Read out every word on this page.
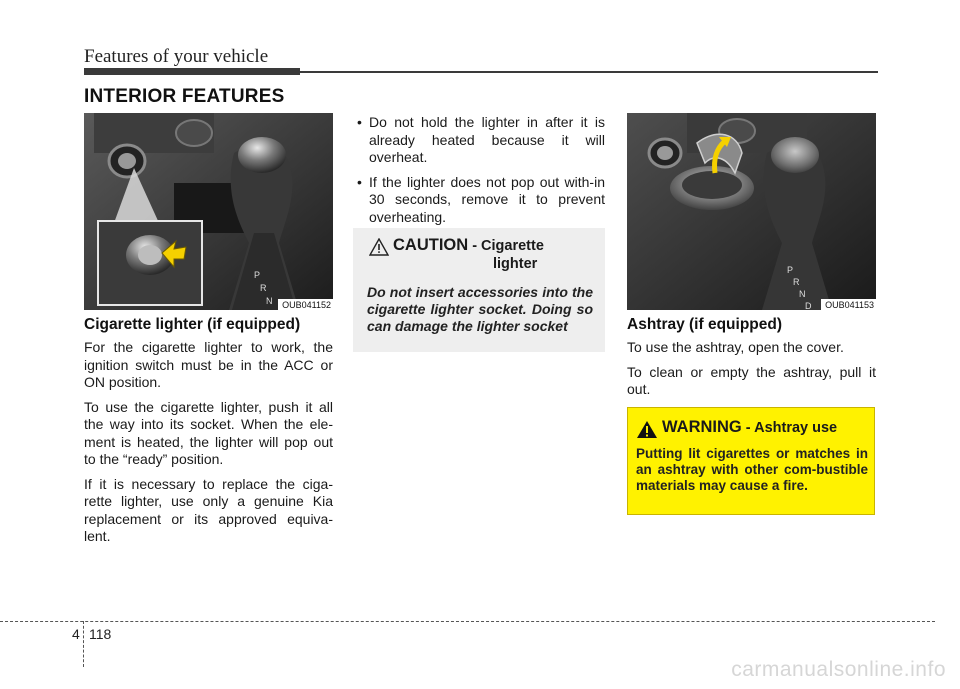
Features of your vehicle
INTERIOR FEATURES
P
R
N	OUB041152
Cigarette lighter (if equipped)

For the cigarette lighter to work, the ignition switch must be in the ACC or ON position.

To use the cigarette lighter, push it all the way into its socket. When the ele-ment is heated, the lighter will pop out to the “ready” position.

If it is necessary to replace the ciga-rette lighter, use only a genuine Kia replacement or its approved equiva-lent.

• Do not hold the lighter in after it is already heated because it will overheat.
• If the lighter does not pop out with-in 30 seconds, remove it to prevent overheating.
CAUTION - Cigarette
lighter
Do not insert accessories into the cigarette lighter socket. Doing so can damage the lighter socket
P
R
N
D	OUB041153
Ashtray (if equipped)

To use the ashtray, open the cover.

To clean or empty the ashtray, pull it out.

WARNING - Ashtray use
Putting lit cigarettes or matches in an ashtray with other com-bustible materials may cause a fire.
4 118
carmanualsonline.info
